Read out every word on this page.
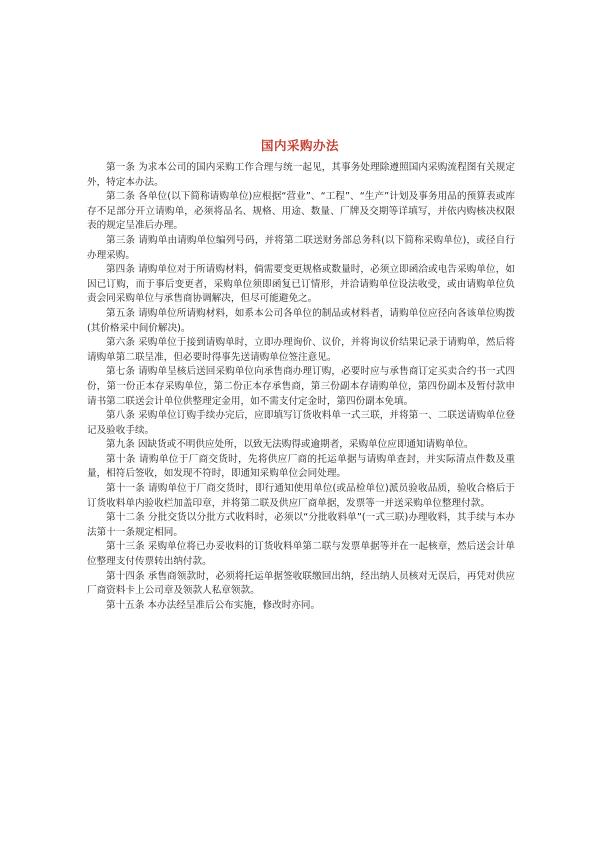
国内采购办法

第一条 为求本公司的国内采购工作合理与统一起见，其事务处理除遵照国内采购流程图有关规定外，特定本办法。

第二条 各单位(以下简称请购单位)应根据“营业”、“工程”、“生产”计划及事务用品的预算表或库存不足部分开立请购单，必须将品名、规格、用途、数量、厂牌及交期等详填写，并依内购核决权限表的规定呈准后办理。

第三条 请购单由请购单位编列号码，并将第二联送财务部总务科(以下简称采购单位)，或径自行办理采购。

第四条 请购单位对于所请购材料，倘需要变更规格或数量时，必须立即函洽或电告采购单位，如因已订购，而于事后变更者，采购单位须即函复已订情形，并洽请购单位设法收受，或由请购单位负责会同采购单位与承售商协调解决，但尽可能避免之。

第五条 请购单位所请购材料，如系本公司各单位的制品或材料者，请购单位应径向各该单位购拨(其价格采中间价解决)。

第六条 采购单位于接到请购单时，立即办理询价、议价，并将询议价结果记录于请购单，然后将请购单第二联呈准，但必要时得事先送请购单位签注意见。

第七条 请购单呈核后送回采购单位向承售商办理订购，必要时应与承售商订定买卖合约书一式四份，第一份正本存采购单位，第二份正本存承售商，第三份副本存请购单位，第四份副本及暂付款申请书第二联送会计单位供整理定金用，如不需支付定金时，第四份副本免填。

第八条 采购单位订购手续办完后，应即填写订货收料单一式三联，并将第一、二联送请购单位登记及验收手续。

第九条 因缺货或不明供应处所，以致无法购得或逾期者，采购单位应即通知请购单位。

第十条 请购单位于厂商交货时，先将供应厂商的托运单据与请购单查封，并实际清点件数及重量，相符后签收，如发现不符时，即通知采购单位会同处理。

第十一条 请购单位于厂商交货时，即行通知使用单位(或品检单位)派员验收品质，验收合格后于订货收料单内验收栏加盖印章，并将第二联及供应厂商单据，发票等一并送采购单位整理付款。

第十二条 分批交货以分批方式收料时，必须以“分批收料单”(一式三联)办理收料，其手续与本办法第十一条规定相同。

第十三条 采购单位将已办妥收料的订货收料单第二联与发票单据等并在一起核章，然后送会计单位整理支付传票转出纳付款。

第十四条 承售商领款时，必须将托运单据签收联缴回出纳，经出纳人员核对无误后，再凭对供应厂商资料卡上公司章及领款人私章领款。

第十五条 本办法经呈准后公布实施，修改时亦同。
